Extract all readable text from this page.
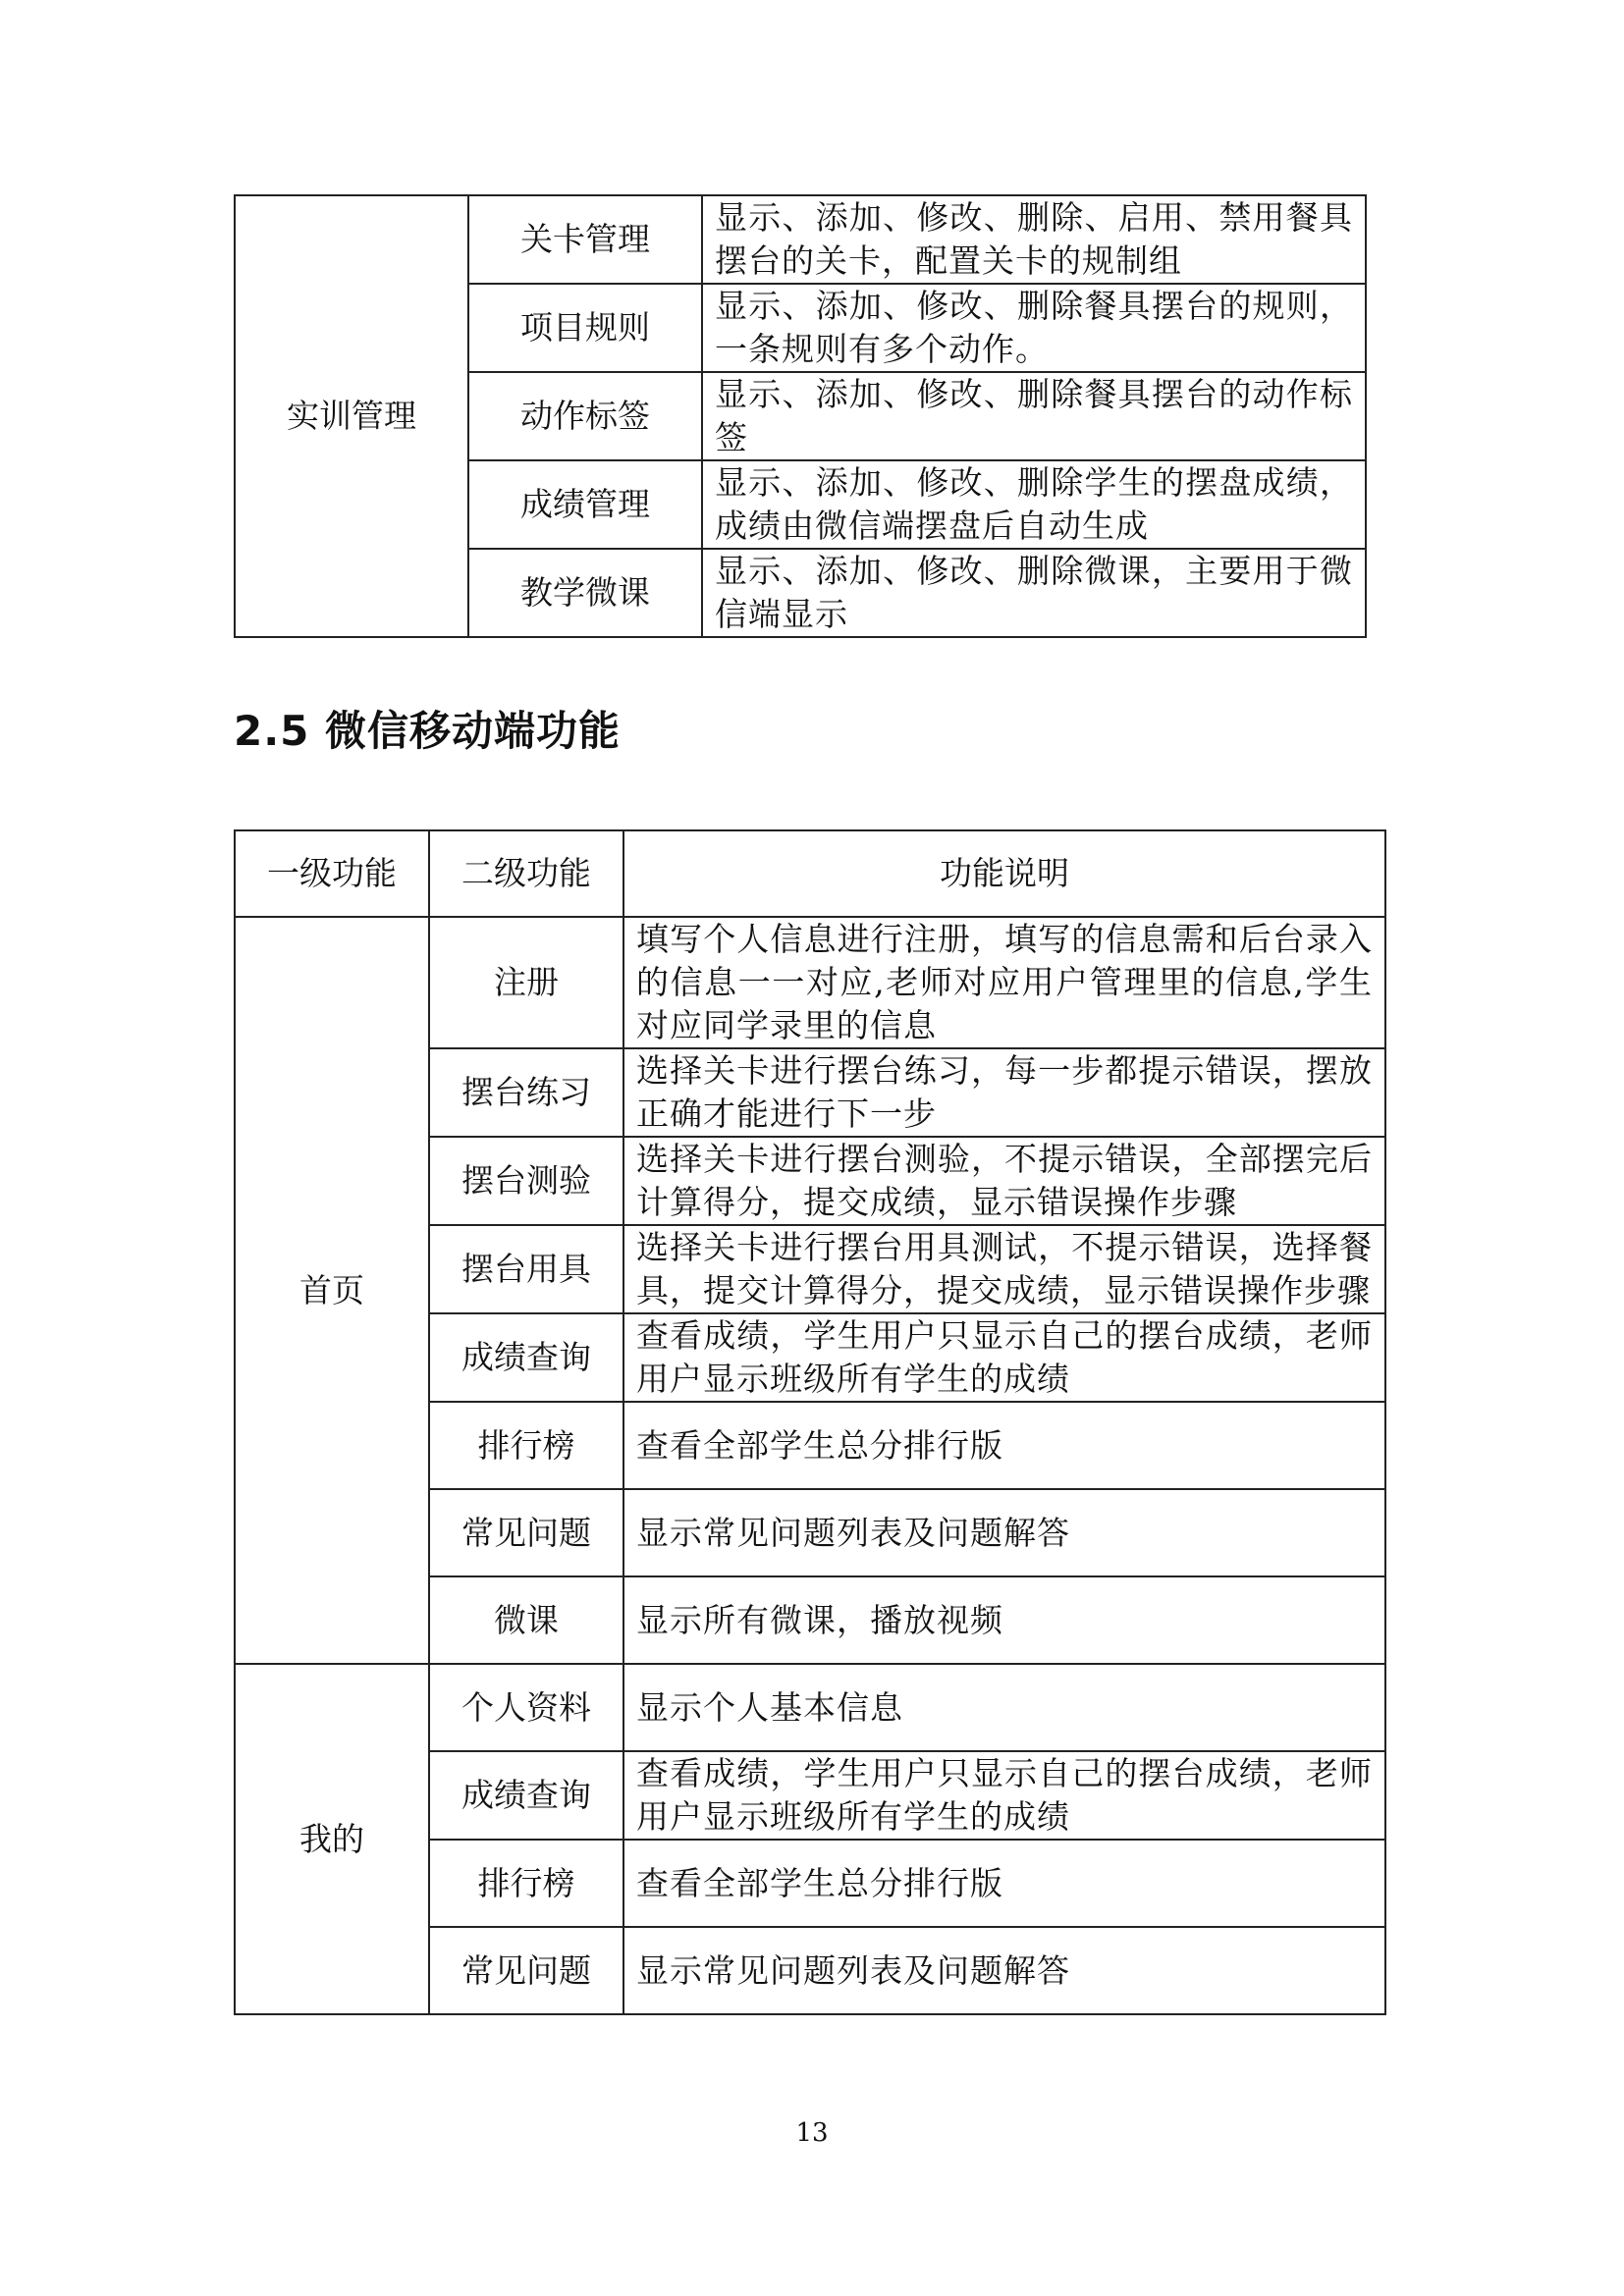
实训管理	关卡管理	显示、添加、修改、删除、启用、禁用餐具摆台的关卡，配置关卡的规制组
	项目规则	显示、添加、修改、删除餐具摆台的规则，一条规则有多个动作。
	动作标签	显示、添加、修改、删除餐具摆台的动作标签
	成绩管理	显示、添加、修改、删除学生的摆盘成绩，成绩由微信端摆盘后自动生成
	教学微课	显示、添加、修改、删除微课，主要用于微信端显示
2.5 微信移动端功能
一级功能	二级功能	功能说明
首页	注册	填写个人信息进行注册，填写的信息需和后台录入的信息一一对应,老师对应用户管理里的信息,学生对应同学录里的信息
	摆台练习	选择关卡进行摆台练习，每一步都提示错误，摆放正确才能进行下一步
	摆台测验	选择关卡进行摆台测验，不提示错误，全部摆完后计算得分，提交成绩，显示错误操作步骤
	摆台用具	选择关卡进行摆台用具测试，不提示错误，选择餐具，提交计算得分，提交成绩，显示错误操作步骤
	成绩查询	查看成绩，学生用户只显示自己的摆台成绩，老师用户显示班级所有学生的成绩
	排行榜	查看全部学生总分排行版
	常见问题	显示常见问题列表及问题解答
	微课	显示所有微课，播放视频
我的	个人资料	显示个人基本信息
	成绩查询	查看成绩，学生用户只显示自己的摆台成绩，老师用户显示班级所有学生的成绩
	排行榜	查看全部学生总分排行版
	常见问题	显示常见问题列表及问题解答
13
